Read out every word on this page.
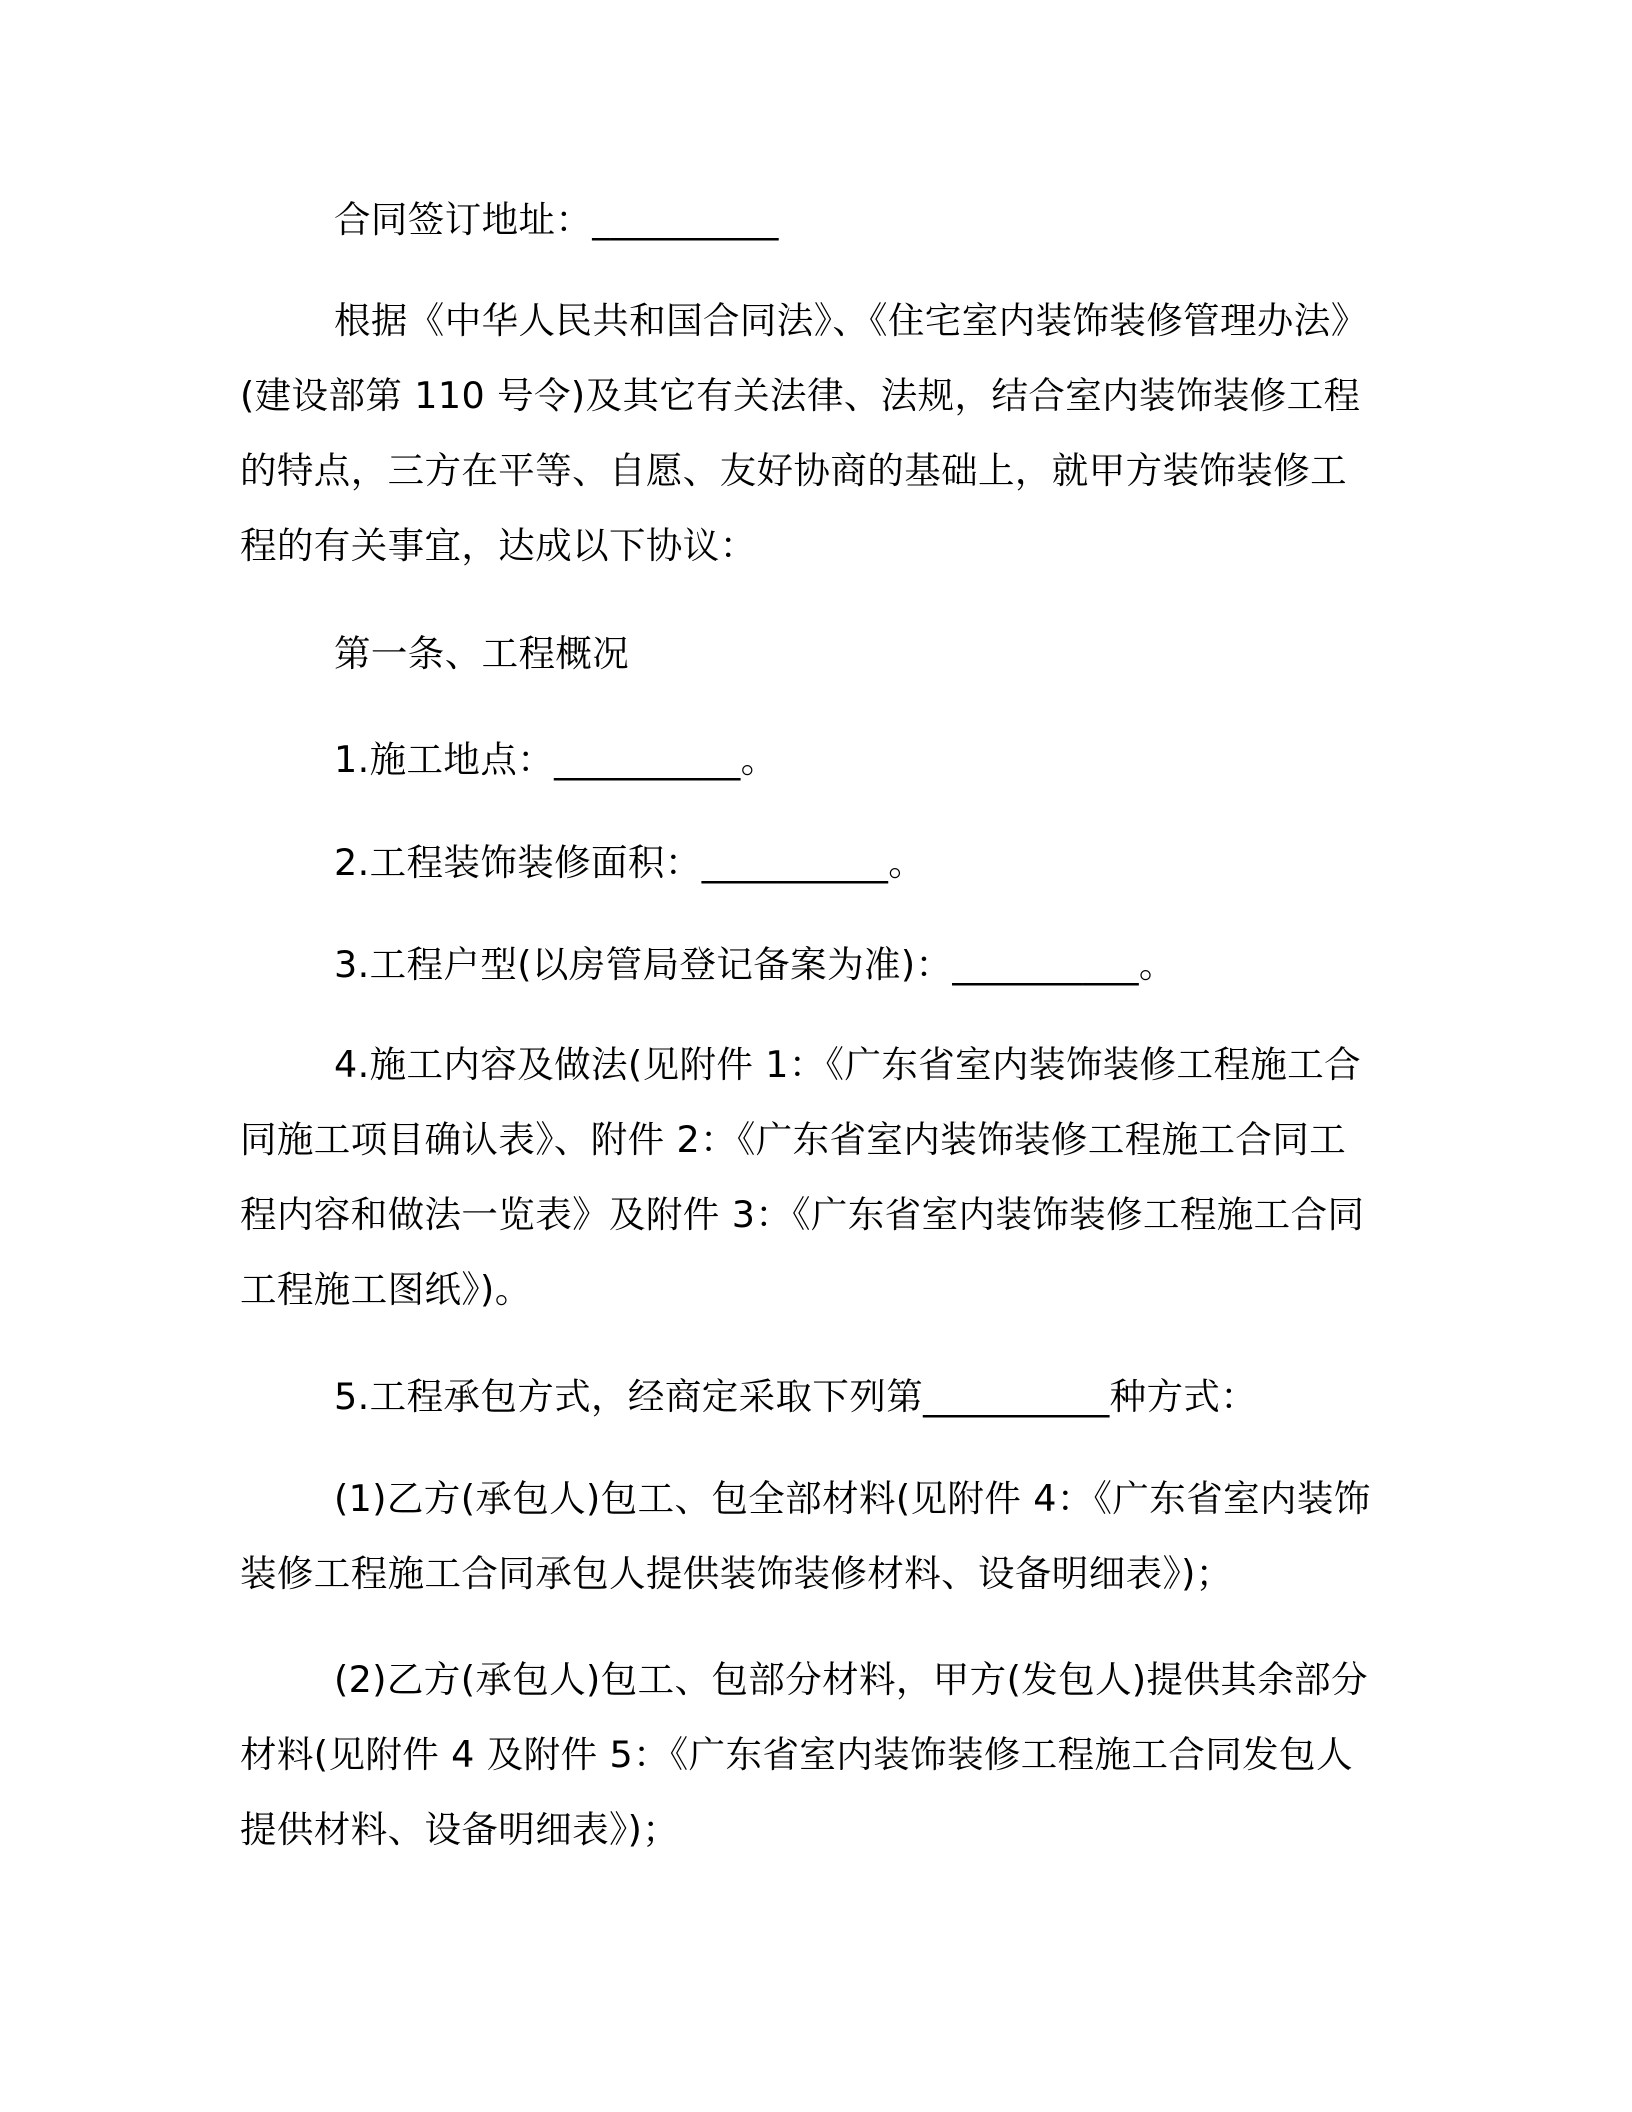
合同签订地址：__________
根据《中华人民共和国合同法》、《住宅室内装饰装修管理办法》
(建设部第 110 号令)及其它有关法律、法规，结合室内装饰装修工程
的特点，三方在平等、自愿、友好协商的基础上，就甲方装饰装修工
程的有关事宜，达成以下协议：
第一条、工程概况
1.施工地点：__________。
2.工程装饰装修面积：__________。
3.工程户型(以房管局登记备案为准)：__________。
4.施工内容及做法(见附件 1：《广东省室内装饰装修工程施工合
同施工项目确认表》、附件 2：《广东省室内装饰装修工程施工合同工
程内容和做法一览表》及附件 3：《广东省室内装饰装修工程施工合同
工程施工图纸》)。
5.工程承包方式，经商定采取下列第__________种方式：
(1)乙方(承包人)包工、包全部材料(见附件 4：《广东省室内装饰
装修工程施工合同承包人提供装饰装修材料、设备明细表》)；
(2)乙方(承包人)包工、包部分材料，甲方(发包人)提供其余部分
材料(见附件 4 及附件 5：《广东省室内装饰装修工程施工合同发包人
提供材料、设备明细表》)；
